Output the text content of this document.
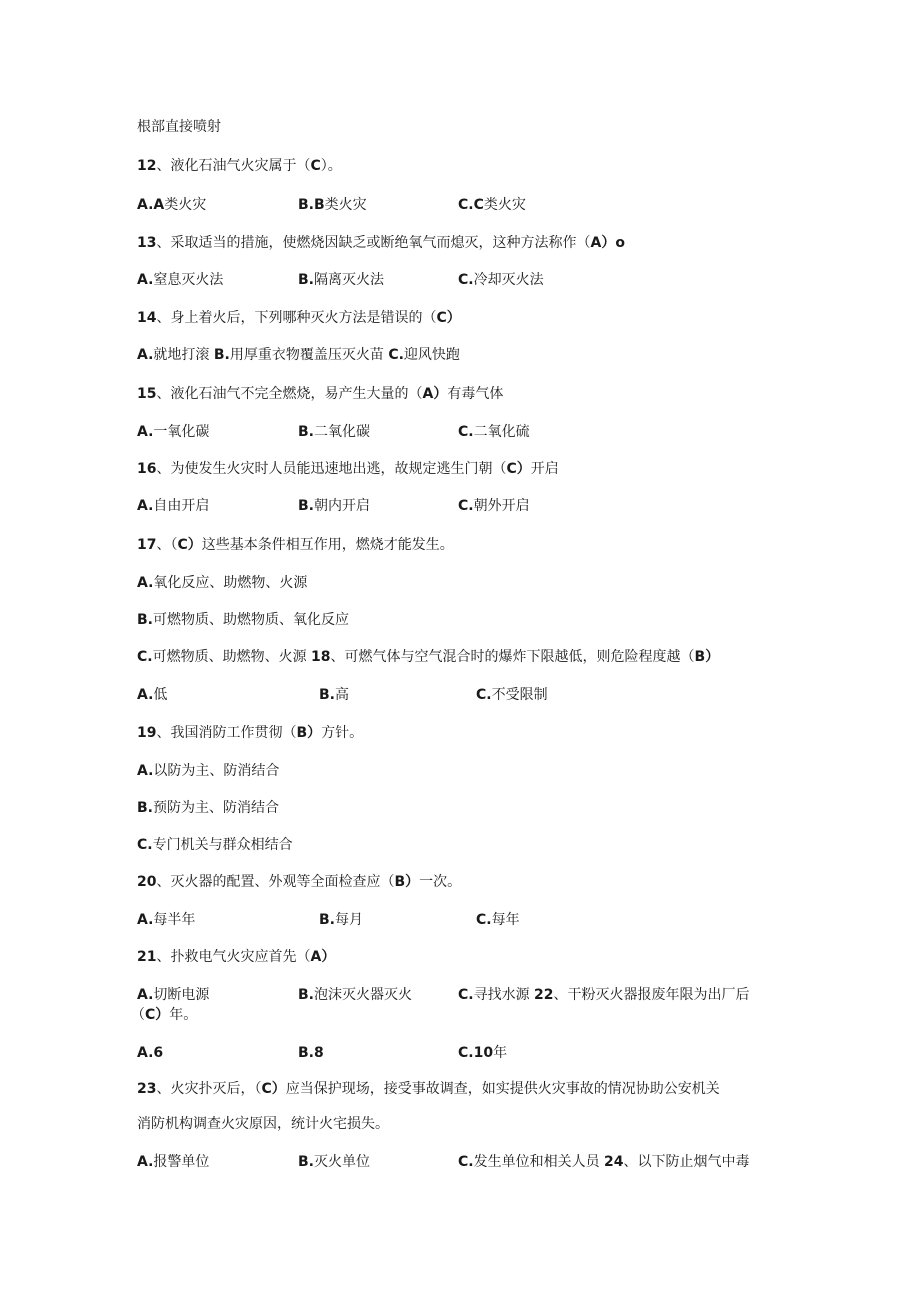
根部直接喷射
12、液化石油气火灾属于（C）。
A.A类火灾	B.B类火灾	C.C类火灾
13、采取适当的措施，使燃烧因缺乏或断绝氧气而熄灭，这种方法称作（A）o
A.窒息灭火法	B.隔离灭火法	C.冷却灭火法
14、身上着火后，下列哪种灭火方法是错误的（C）
A.就地打滚 B.用厚重衣物覆盖压灭火苗 C.迎风快跑
15、液化石油气不完全燃烧，易产生大量的（A）有毒气体
A.一氧化碳	B.二氧化碳	C.二氧化硫
16、为使发生火灾时人员能迅速地出逃，故规定逃生门朝（C）开启
A.自由开启	B.朝内开启	C.朝外开启
17、（C）这些基本条件相互作用，燃烧才能发生。
A.氧化反应、助燃物、火源
B.可燃物质、助燃物质、氧化反应
C.可燃物质、助燃物、火源 18、可燃气体与空气混合时的爆炸下限越低，则危险程度越（B）
A.低	B.高	C.不受限制
19、我国消防工作贯彻（B）方针。
A.以防为主、防消结合
B.预防为主、防消结合
C.专门机关与群众相结合
20、灭火器的配置、外观等全面检查应（B）一次。
A.每半年	B.每月	C.每年
21、扑救电气火灾应首先（A）
A.切断电源	B.泡沫灭火器灭火	C.寻找水源 22、干粉灭火器报废年限为出厂后
（C）年。
A.6	B.8	C.10年
23、火灾扑灭后，（C）应当保护现场，接受事故调查，如实提供火灾事故的情况协助公安机关
消防机构调查火灾原因，统计火宅损失。
A.报警单位	B.灭火单位	C.发生单位和相关人员 24、以下防止烟气中毒
